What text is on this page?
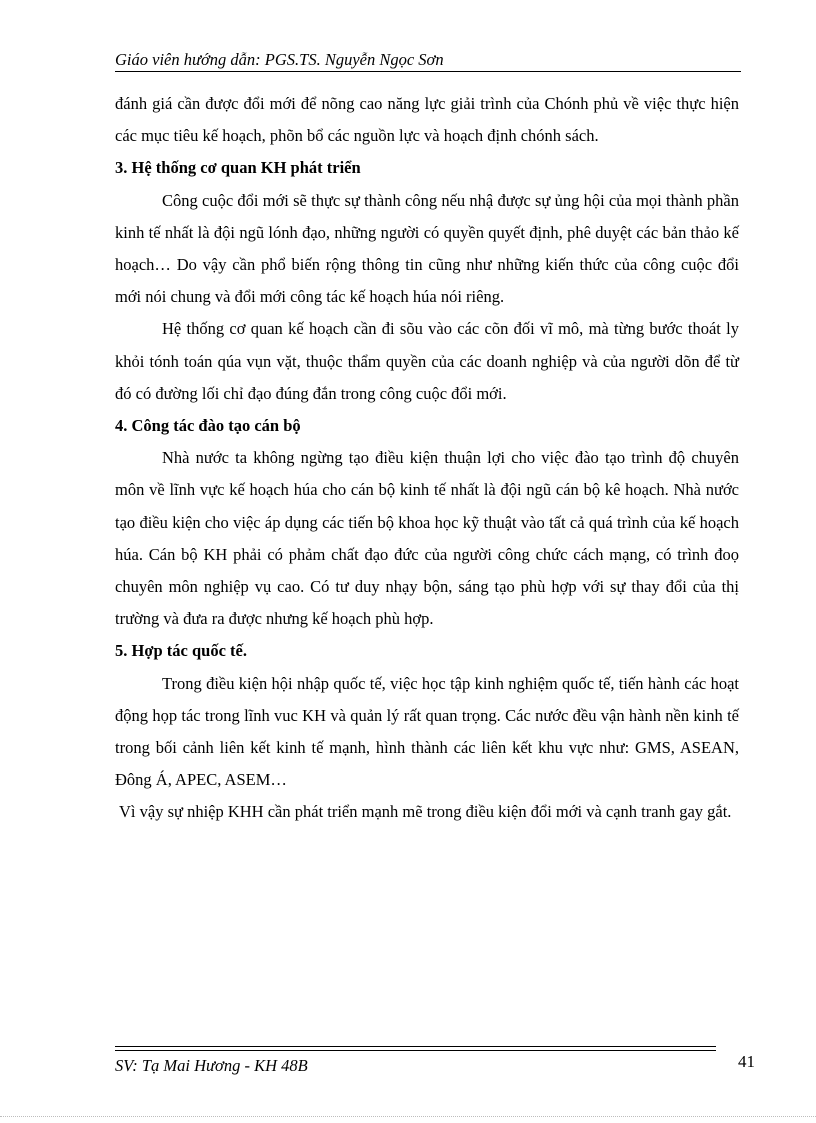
Giáo viên hướng dẫn: PGS.TS. Nguyễn Ngọc Sơn

đánh giá cần được đổi mới để nõng cao năng lực giải trình của Chónh phủ về việc thực hiện các mục tiêu kế hoạch, phõn bổ các nguồn lực và hoạch định chónh sách.

3. Hệ thống cơ quan KH phát triển

Công cuộc đổi mới sẽ thực sự thành công nếu nhậ được sự ủng hội của mọi thành phần kinh tế nhất là đội ngũ lónh đạo, những người có quyền quyết định, phê duyệt các bản thảo kế hoạch… Do vậy cần phổ biến rộng thông tin cũng như những kiến thức của công cuộc đổi mới nói chung và đổi mới công tác kế hoạch húa nói riêng.

Hệ thống cơ quan kế hoạch cần đi sõu vào các cõn đối vĩ mô, mà từng bước thoát ly khỏi tónh toán qúa vụn vặt, thuộc thẩm quyền của các doanh nghiệp và của người dõn để từ đó có đường lối chỉ đạo đúng đắn trong công cuộc đổi mới.

4. Công tác đào tạo cán bộ

Nhà nước ta không ngừng tạo điều kiện thuận lợi cho việc đào tạo trình độ chuyên môn về lĩnh vực kế hoạch húa cho cán bộ kinh tế nhất là đội ngũ cán bộ kê hoạch. Nhà nước tạo điều kiện cho việc áp dụng các tiến bộ khoa học kỹ thuật vào tất cả quá trình của kế hoạch húa. Cán bộ KH phải có phảm chất đạo đức của người công chức cách mạng, có trình đoọ chuyên môn nghiệp vụ cao. Có tư duy nhạy bộn, sáng tạo phù hợp với sự thay đổi của thị trường và đưa ra được nhưng kế hoạch phù hợp.

5. Hợp tác quốc tế.

Trong điều kiện hội nhập quốc tế, việc học tập kinh nghiệm quốc tế, tiến hành các hoạt động họp tác trong lĩnh vuc KH và quản lý rất quan trọng. Các nước đều vận hành nền kinh tế trong bối cảnh liên kết kinh tế mạnh, hình thành các liên kết khu vực như: GMS, ASEAN, Đông Á, APEC, ASEM…

Vì vậy sự nhiệp KHH cần phát triển mạnh mẽ trong điều kiện đổi mới và cạnh tranh gay gắt.

SV: Tạ Mai Hương - KH 48B	41
